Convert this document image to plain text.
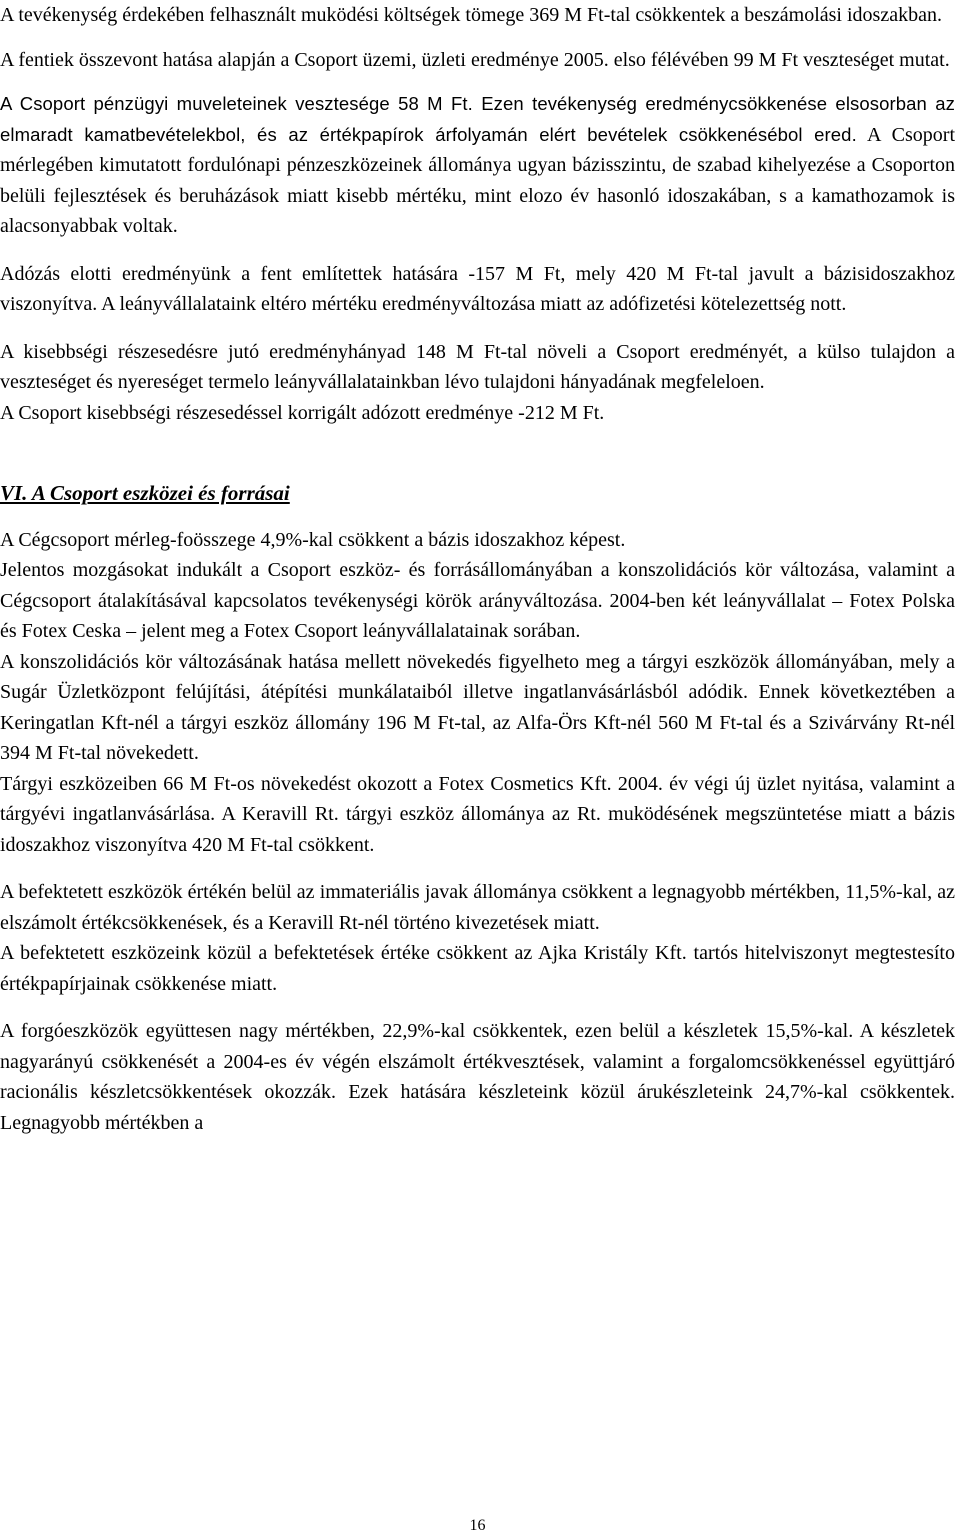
A tevékenység érdekében felhasznált muködési költségek tömege 369 M Ft-tal csökkentek a beszámolási idoszakban.

A fentiek összevont hatása alapján a Csoport üzemi, üzleti eredménye 2005. elso félévében 99 M Ft veszteséget mutat.

A Csoport pénzügyi muveleteinek vesztesége 58 M Ft. Ezen tevékenység eredménycsökkenése elsosorban az elmaradt kamatbevételekbol, és az értékpapírok árfolyamán elért bevételek csökkenésébol ered. A Csoport mérlegében kimutatott fordulónapi pénzeszközeinek állománya ugyan bázisszintu, de szabad kihelyezése a Csoporton belüli fejlesztések és beruházások miatt kisebb mértéku, mint elozo év hasonló idoszakában, s a kamathozamok is alacsonyabbak voltak.

Adózás elotti eredményünk a fent említettek hatására -157 M Ft, mely 420 M Ft-tal javult a bázisidoszakhoz viszonyítva. A leányvállalataink eltéro mértéku eredményváltozása miatt az adófizetési kötelezettség nott.

A kisebbségi részesedésre jutó eredményhányad 148 M Ft-tal növeli a Csoport eredményét, a külso tulajdon a veszteséget és nyereséget termelo leányvállalatainkban lévo tulajdoni hányadának megfeleloen.

A Csoport kisebbségi részesedéssel korrigált adózott eredménye -212 M Ft.

VI. A Csoport eszközei és forrásai

A Cégcsoport mérleg-foösszege 4,9%-kal csökkent a bázis idoszakhoz képest.

Jelentos mozgásokat indukált a Csoport eszköz- és forrásállományában a konszolidációs kör változása, valamint a Cégcsoport átalakításával kapcsolatos tevékenységi körök arányváltozása. 2004-ben két leányvállalat – Fotex Polska és Fotex Ceska – jelent meg a Fotex Csoport leányvállalatainak sorában.

A konszolidációs kör változásának hatása mellett növekedés figyelheto meg a tárgyi eszközök állományában, mely a Sugár Üzletközpont felújítási, átépítési munkálataiból illetve ingatlanvásárlásból adódik. Ennek következtében a Keringatlan Kft-nél a tárgyi eszköz állomány 196 M Ft-tal, az Alfa-Örs Kft-nél 560 M Ft-tal és a Szivárvány Rt-nél 394 M Ft-tal növekedett.

Tárgyi eszközeiben 66 M Ft-os növekedést okozott a Fotex Cosmetics Kft. 2004. év végi új üzlet nyitása, valamint a tárgyévi ingatlanvásárlása. A Keravill Rt. tárgyi eszköz állománya az Rt. muködésének megszüntetése miatt a bázis idoszakhoz viszonyítva 420 M Ft-tal csökkent.

A befektetett eszközök értékén belül az immateriális javak állománya csökkent a legnagyobb mértékben, 11,5%-kal, az elszámolt értékcsökkenések, és a Keravill Rt-nél történo kivezetések miatt.

A befektetett eszközeink közül a befektetések értéke csökkent az Ajka Kristály Kft. tartós hitelviszonyt megtestesíto értékpapírjainak csökkenése miatt.

A forgóeszközök együttesen nagy mértékben, 22,9%-kal csökkentek, ezen belül a készletek 15,5%-kal. A készletek nagyarányú csökkenését a 2004-es év végén elszámolt értékvesztések, valamint a forgalomcsökkenéssel együttjáró racionális készletcsökkentések okozzák. Ezek hatására készleteink közül árukészleteink 24,7%-kal csökkentek. Legnagyobb mértékben a

16
